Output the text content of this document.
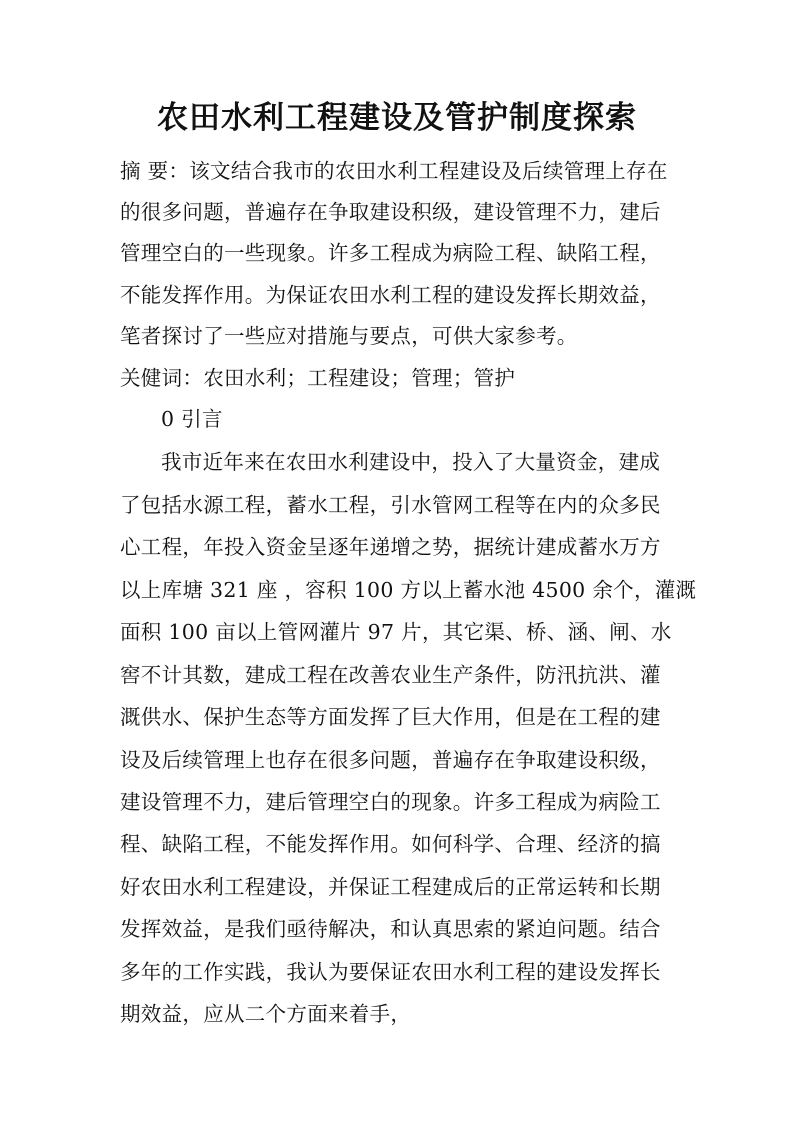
农田水利工程建设及管护制度探索
摘 要：该文结合我市的农田水利工程建设及后续管理上存在
的很多问题，普遍存在争取建设积级，建设管理不力，建后
管理空白的一些现象。许多工程成为病险工程、缺陷工程，
不能发挥作用。为保证农田水利工程的建设发挥长期效益，
笔者探讨了一些应对措施与要点，可供大家参考。
关健词：农田水利；工程建设；管理；管护
0 引言
我市近年来在农田水利建设中，投入了大量资金，建成
了包括水源工程，蓄水工程，引水管网工程等在内的众多民
心工程，年投入资金呈逐年递增之势，据统计建成蓄水万方
以上库塘 321 座 ，容积 100 方以上蓄水池 4500 余个，灌溉
面积 100 亩以上管网灌片 97 片，其它渠、桥、涵、闸、水
窖不计其数，建成工程在改善农业生产条件，防汛抗洪、灌
溉供水、保护生态等方面发挥了巨大作用，但是在工程的建
设及后续管理上也存在很多问题，普遍存在争取建设积级，
建设管理不力，建后管理空白的现象。许多工程成为病险工
程、缺陷工程，不能发挥作用。如何科学、合理、经济的搞
好农田水利工程建设，并保证工程建成后的正常运转和长期
发挥效益，是我们亟待解决，和认真思索的紧迫问题。结合
多年的工作实践，我认为要保证农田水利工程的建设发挥长
期效益，应从二个方面来着手，
